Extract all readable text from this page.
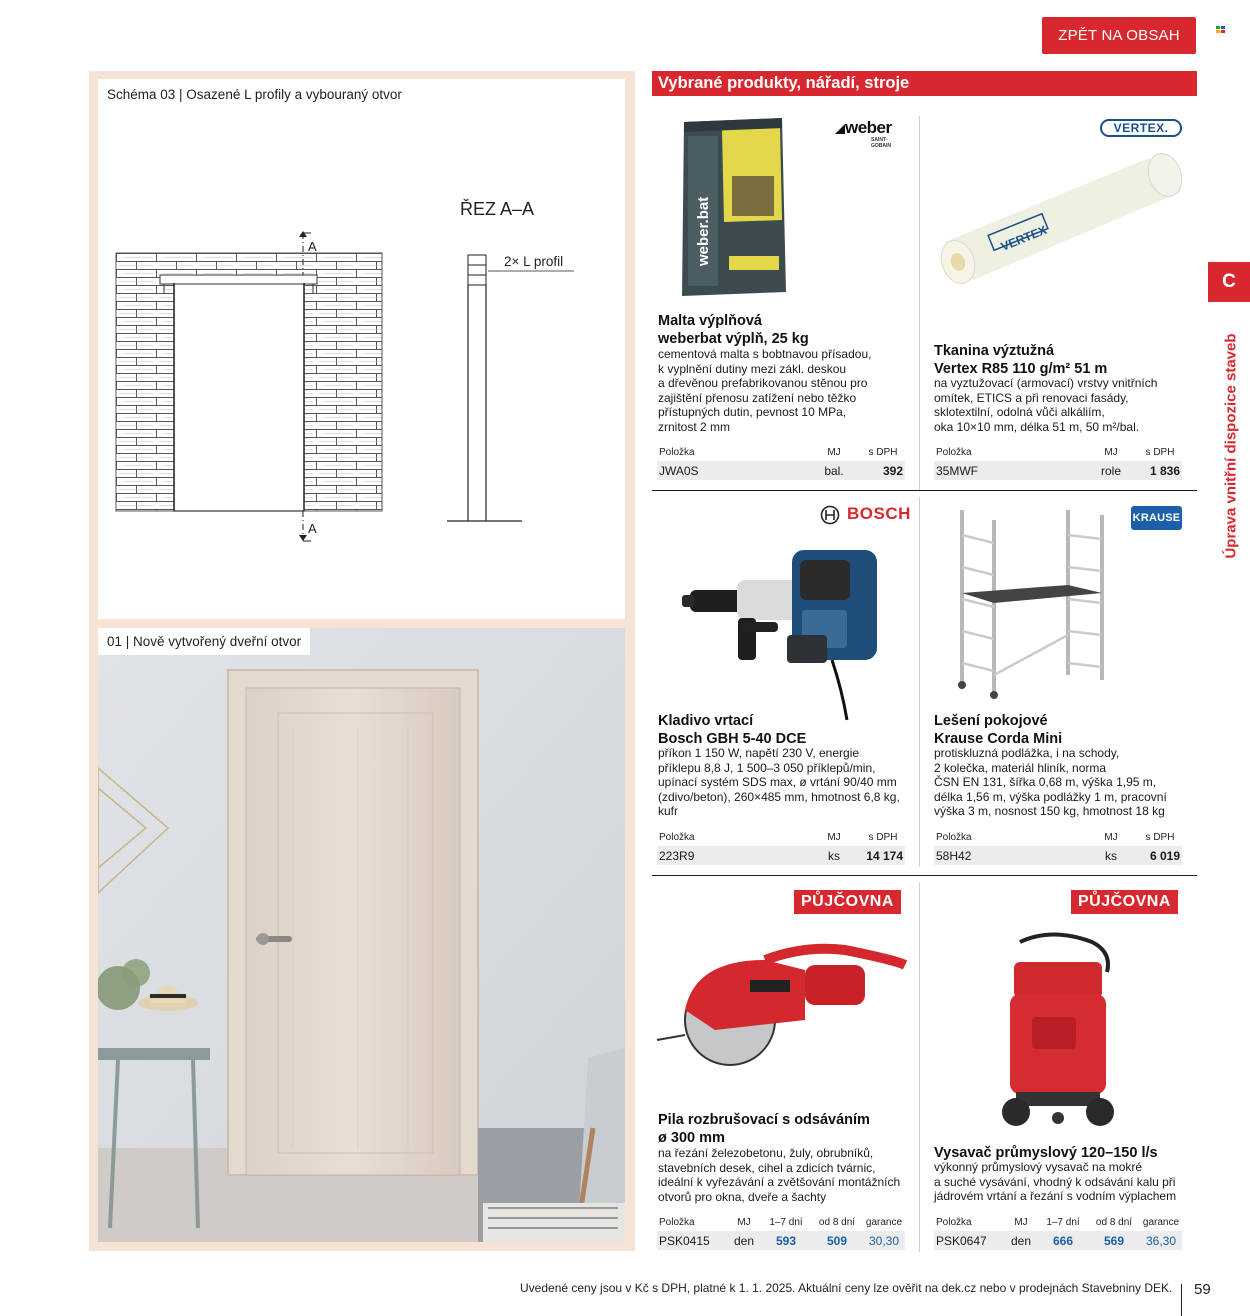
ZPĚT NA OBSAH
Schéma 03 | Osazené L profily a vybouraný otvor
A
A
ŘEZ A–A
2× L profil
01 | Nově vytvořený dveřní otvor
Vybrané produkty, nářadí, stroje
weber
SAINT-GOBAIN
weber.bat
Malta výplňová
weberbat výplň, 25 kg
cementová malta s bobtnavou přísadou,
k vyplnění dutiny mezi zákl. deskou
a dřevěnou prefabrikovanou stěnou pro
zajištění přenosu zatížení nebo těžko
přístupných dutin, pevnost 10 MPa,
zrnitost 2 mm
Položka	MJ	s DPH
JWA0S	bal.	392
VERTEX.
VERTEX
Tkanina výztužná
Vertex R85 110 g/m² 51 m
na vyztužovací (armovací) vrstvy vnitřních
omítek, ETICS a při renovaci fasády,
sklotextilní, odolná vůči alkáliím,
oka 10×10 mm, délka 51 m, 50 m²/bal.
Položka	MJ	s DPH
35MWF	role	1 836
BOSCH
Kladivo vrtací
Bosch GBH 5-40 DCE
příkon 1 150 W, napětí 230 V, energie
příklepu 8,8 J, 1 500–3 050 příklepů/min,
upínací systém SDS max, ø vrtání 90/40 mm
(zdivo/beton), 260×485 mm, hmotnost 6,8 kg,
kufr
Položka	MJ	s DPH
223R9	ks	14 174
KRAUSE
Lešení pokojové
Krause Corda Mini
protiskluzná podlážka, i na schody,
2 kolečka, materiál hliník, norma
ČSN EN 131, šířka 0,68 m, výška 1,95 m,
délka 1,56 m, výška podlážky 1 m, pracovní
výška 3 m, nosnost 150 kg, hmotnost 18 kg
Položka	MJ	s DPH
58H42	ks	6 019
PŮJČOVNA
Pila rozbrušovací s odsáváním
ø 300 mm
na řezání železobetonu, žuly, obrubníků,
stavebních desek, cihel a zdicích tvárnic,
ideální k vyřezávání a zvětšování montážních
otvorů pro okna, dveře a šachty
Položka	MJ	1–7 dní	od 8 dní	garance
PSK0415	den	593	509	30,30
PŮJČOVNA
Vysavač průmyslový 120–150 l/s
výkonný průmyslový vysavač na mokré
a suché vysávání, vhodný k odsávání kalu při
jádrovém vrtání a řezání s vodním výplachem
Položka	MJ	1–7 dní	od 8 dní	garance
PSK0647	den	666	569	36,30
C
Úprava vnitřní dispozice staveb
Uvedené ceny jsou v Kč s DPH, platné k 1. 1. 2025. Aktuální ceny lze ověřit na dek.cz nebo v prodejnách Stavebniny DEK. 59
